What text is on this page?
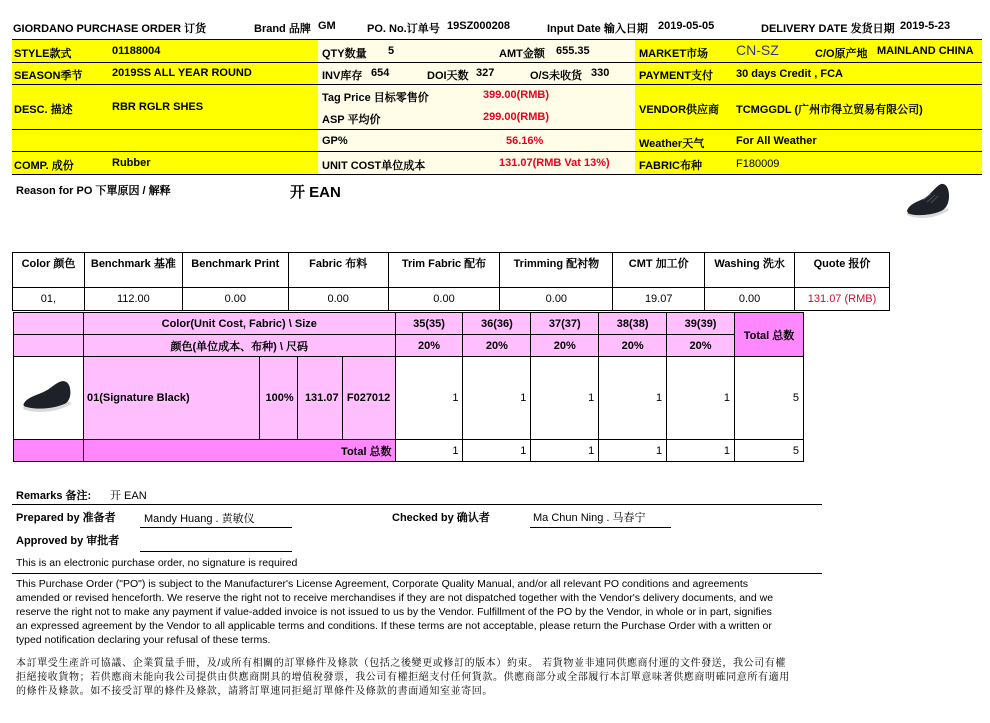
GIORDANO PURCHASE ORDER 订货	Brand 品牌 GM	PO. No.订单号 19SZ000208	Input Date 输入日期 2019-05-05	DELIVERY DATE 发货日期 2019-5-23
STYLE款式	01188004
SEASON季节	2019SS ALL YEAR ROUND
DESC. 描述	RBR RGLR SHES
COMP. 成份	Rubber
QTY数量 5	AMT金额 655.35
INV库存 654	DOI天数 327	O/S未收货 330
Tag Price 目标零售价	399.00(RMB)
ASP 平均价	299.00(RMB)
GP%	56.16%
UNIT COST单位成本	131.07(RMB Vat 13%)
MARKET市场 CN-SZ	C/O原产地 MAINLAND CHINA
PAYMENT支付 30 days Credit , FCA
VENDOR供应商 TCMGGDL (广州市得立贸易有限公司)
Weather天气	For All Weather
FABRIC布种	F180009
Reason for PO 下單原因 / 解释	开 EAN
Color 颜色	Benchmark 基准	Benchmark Print	Fabric 布料	Trim Fabric 配布	Trimming 配衬物	CMT 加工价	Washing 洗水	Quote 报价
01,	112.00	0.00	0.00	0.00	0.00	19.07	0.00	131.07 (RMB)
	Color(Unit Cost, Fabric) \ Size				35(35)	36(36)	37(37)	38(38)	39(39)	Total 总数
	颜色(单位成本、布种) \ 尺码				20%	20%	20%	20%	20%	
	01(Signature Black)	100%	131.07	F027012	1	1	1	1	1	5
	Total 总数				1	1	1	1	1	5
Remarks 备注: 开 EAN
Prepared by 准备者	Mandy Huang . 黄敏仪	Checked by 确认者	Ma Chun Ning . 马春宁
Approved by 审批者
This is an electronic purchase order, no signature is required
This Purchase Order ("PO") is subject to the Manufacturer's License Agreement, Corporate Quality Manual, and/or all relevant PO conditions and agreements
amended or revised henceforth. We reserve the right not to receive merchandises if they are not dispatched together with the Vendor's delivery documents, and we
reserve the right not to make any payment if value-added invoice is not issued to us by the Vendor. Fulfillment of the PO by the Vendor, in whole or in part, signifies
an expressed agreement by the Vendor to all applicable terms and conditions. If these terms are not acceptable, please return the Purchase Order with a written or
typed notification declaring your refusal of these terms.
本訂單受生產許可協議、企業質量手冊，及/或所有相關的訂單條件及條款（包括之後變更或修訂的版本）約束。 若貨物並非連同供應商付運的文件發送，我公司有權
拒絕接收貨物；若供應商未能向我公司提供由供應商開具的增值稅發票，我公司有權拒絕支付任何貨款。供應商部分或全部履行本訂單意味著供應商明確同意所有適用
的條件及條款。如不接受訂單的條件及條款，請將訂單連同拒絕訂單條件及條款的書面通知室並寄回。
